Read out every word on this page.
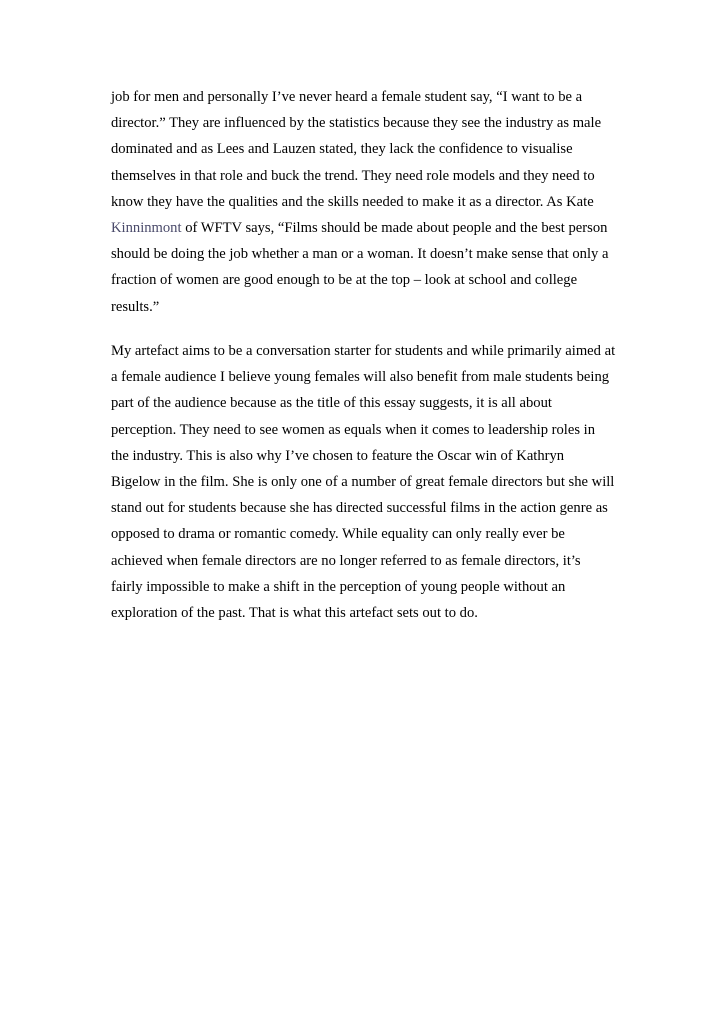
job for men and personally I’ve never heard a female student say, “I want to be a
director.” They are influenced by the statistics because they see the industry as male
dominated and as Lees and Lauzen stated, they lack the confidence to visualise
themselves in that role and buck the trend. They need role models and they need to
know they have the qualities and the skills needed to make it as a director. As Kate
Kinninmont of WFTV says, “Films should be made about people and the best person
should be doing the job whether a man or a woman. It doesn’t make sense that only a
fraction of women are good enough to be at the top – look at school and college
results.”
My artefact aims to be a conversation starter for students and while primarily aimed at
a female audience I believe young females will also benefit from male students being
part of the audience because as the title of this essay suggests, it is all about
perception. They need to see women as equals when it comes to leadership roles in
the industry. This is also why I’ve chosen to feature the Oscar win of Kathryn
Bigelow in the film. She is only one of a number of great female directors but she will
stand out for students because she has directed successful films in the action genre as
opposed to drama or romantic comedy. While equality can only really ever be
achieved when female directors are no longer referred to as female directors, it’s
fairly impossible to make a shift in the perception of young people without an
exploration of the past. That is what this artefact sets out to do.
